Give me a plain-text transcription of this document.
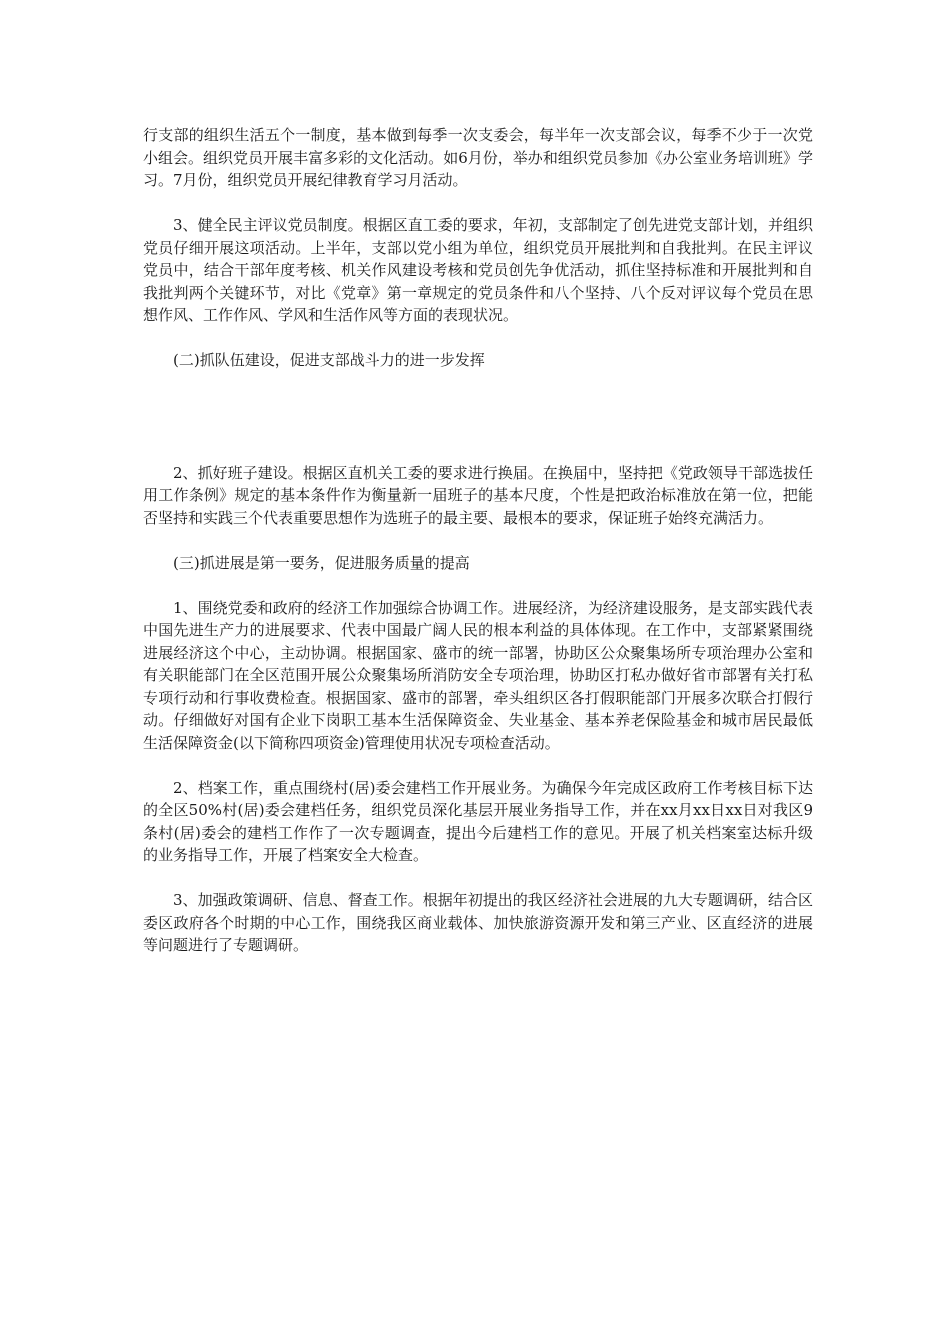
行支部的组织生活五个一制度，基本做到每季一次支委会，每半年一次支部会议，每季不少于一次党小组会。组织党员开展丰富多彩的文化活动。如6月份，举办和组织党员参加《办公室业务培训班》学习。7月份，组织党员开展纪律教育学习月活动。

3、健全民主评议党员制度。根据区直工委的要求，年初，支部制定了创先进党支部计划，并组织党员仔细开展这项活动。上半年，支部以党小组为单位，组织党员开展批判和自我批判。在民主评议党员中，结合干部年度考核、机关作风建设考核和党员创先争优活动，抓住坚持标准和开展批判和自我批判两个关键环节，对比《党章》第一章规定的党员条件和八个坚持、八个反对评议每个党员在思想作风、工作作风、学风和生活作风等方面的表现状况。

(二)抓队伍建设，促进支部战斗力的进一步发挥

2、抓好班子建设。根据区直机关工委的要求进行换届。在换届中，坚持把《党政领导干部选拔任用工作条例》规定的基本条件作为衡量新一届班子的基本尺度，个性是把政治标准放在第一位，把能否坚持和实践三个代表重要思想作为选班子的最主要、最根本的要求，保证班子始终充满活力。

(三)抓进展是第一要务，促进服务质量的提高

1、围绕党委和政府的经济工作加强综合协调工作。进展经济，为经济建设服务，是支部实践代表中国先进生产力的进展要求、代表中国最广阔人民的根本利益的具体体现。在工作中，支部紧紧围绕进展经济这个中心，主动协调。根据国家、盛市的统一部署，协助区公众聚集场所专项治理办公室和有关职能部门在全区范围开展公众聚集场所消防安全专项治理，协助区打私办做好省市部署有关打私专项行动和行事收费检查。根据国家、盛市的部署，牵头组织区各打假职能部门开展多次联合打假行动。仔细做好对国有企业下岗职工基本生活保障资金、失业基金、基本养老保险基金和城市居民最低生活保障资金(以下简称四项资金)管理使用状况专项检查活动。

2、档案工作，重点围绕村(居)委会建档工作开展业务。为确保今年完成区政府工作考核目标下达的全区50%村(居)委会建档任务，组织党员深化基层开展业务指导工作，并在xx月xx日xx日对我区9条村(居)委会的建档工作作了一次专题调查，提出今后建档工作的意见。开展了机关档案室达标升级的业务指导工作，开展了档案安全大检查。

3、加强政策调研、信息、督查工作。根据年初提出的我区经济社会进展的九大专题调研，结合区委区政府各个时期的中心工作，围绕我区商业载体、加快旅游资源开发和第三产业、区直经济的进展等问题进行了专题调研。
